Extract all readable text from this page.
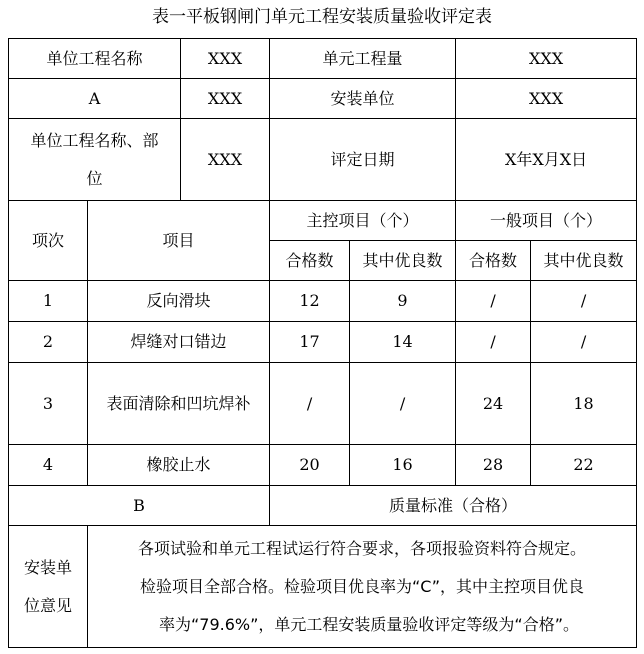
表一平板钢闸门单元工程安装质量验收评定表
单位工程名称		XXX	单元工程量		XXX	
A		XXX	安装单位		XXX	
单位工程名称、部位		XXX	评定日期		X年X月X日	
项次	项目		主控项目（个）		一般项目（个）	
			合格数	其中优良数	合格数	其中优良数
1	反向滑块		12	9	/	/
2	焊缝对口错边		17	14	/	/
3	表面清除和凹坑焊补		/	/	24	18
4	橡胶止水		20	16	28	22
B			质量标准（合格）			
安装单位意见	各项试验和单元工程试运行符合要求，各项报验资料符合规定。
检验项目全部合格。检验项目优良率为“C”，其中主控项目优良
率为“79.6%”，单元工程安装质量验收评定等级为“合格”。					
